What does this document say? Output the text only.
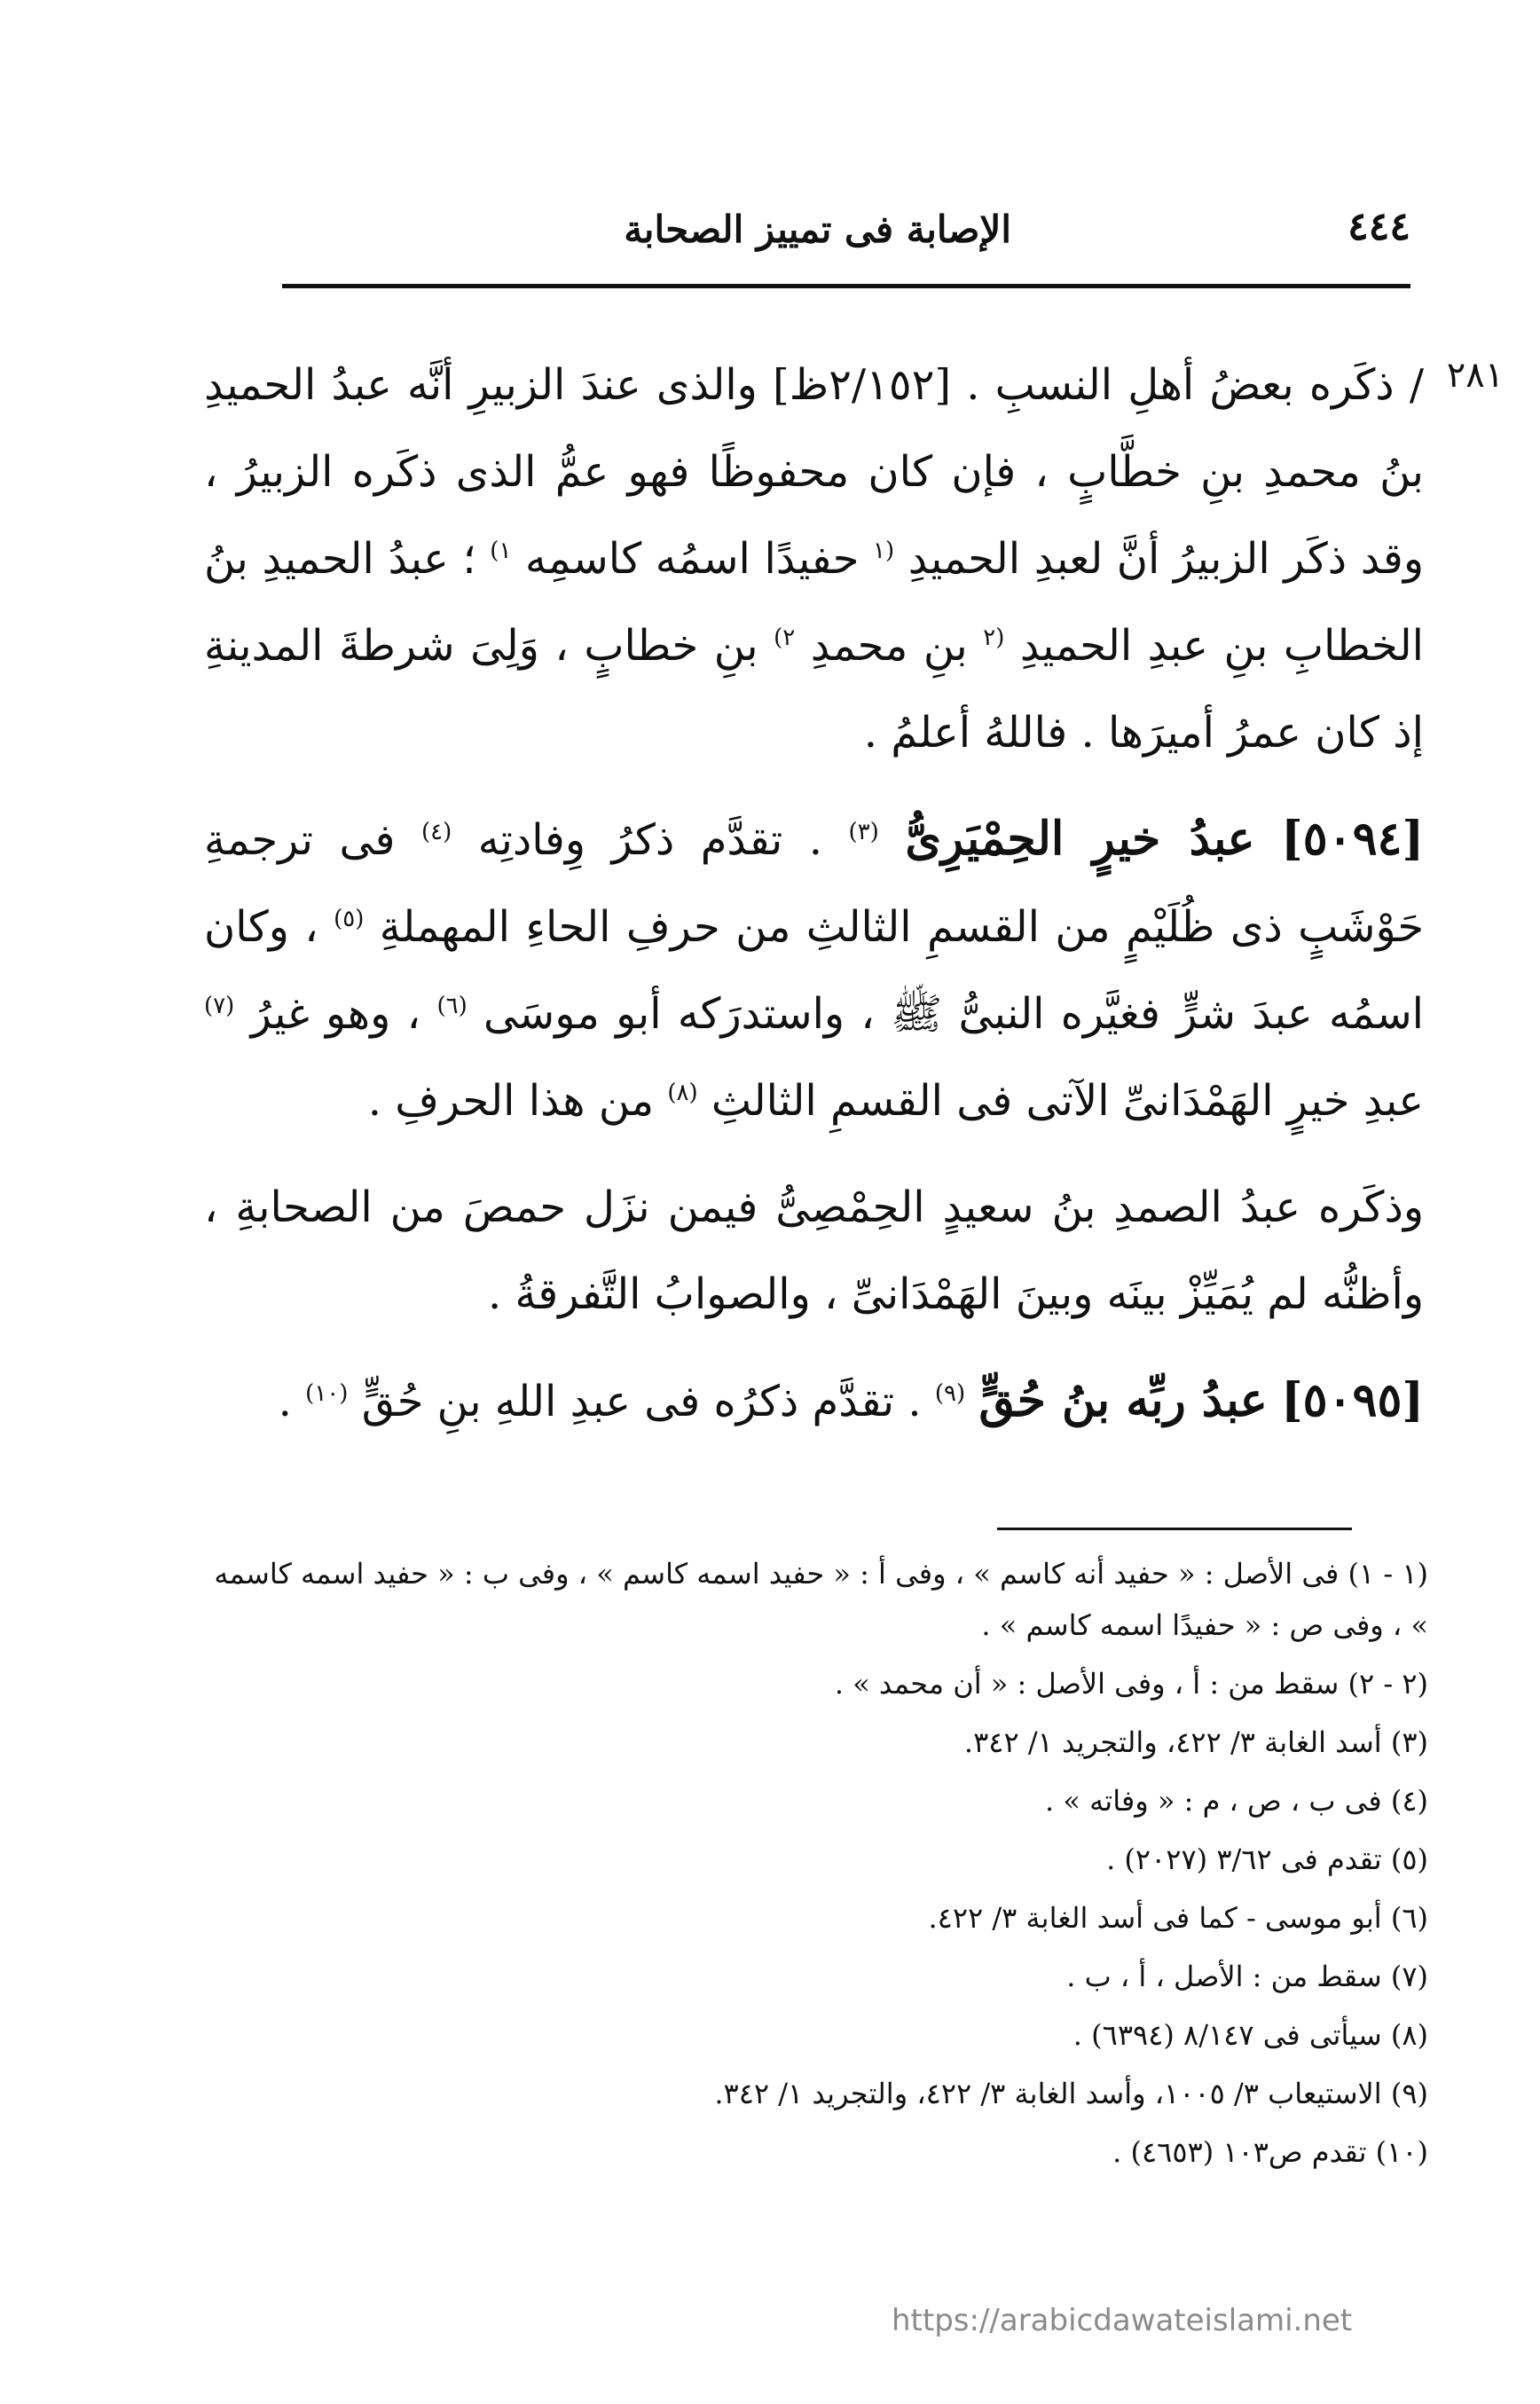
٤٤٤
الإصابة فى تمييز الصحابة
٢٨١

/ ذكَره بعضُ أهلِ النسبِ . [٢/١٥٢ظ] والذى عندَ الزبيرِ أنَّه عبدُ الحميدِ بنُ محمدِ بنِ خطَّابٍ ، فإن كان محفوظًا فهو عمُّ الذى ذكَره الزبيرُ ، وقد ذكَر الزبيرُ أنَّ لعبدِ الحميدِ $^{(١}$ حفيدًا اسمُه كاسمِه $^{١)}$ ؛ عبدُ الحميدِ بنُ الخطابِ بنِ عبدِ الحميدِ $^{(٢}$ بنِ محمدِ $^{٢)}$ بنِ خطابٍ ، وَلِىَ شرطةَ المدينةِ إذ كان عمرُ أميرَها . فاللهُ أعلمُ .

[٥٠٩٤] عبدُ خيرٍ الحِمْيَرِىُّ $^{(٣)}$ . تقدَّم ذكرُ وِفادتِه $^{(٤)}$ فى ترجمةِ حَوْشَبٍ ذى ظُلَيْمٍ من القسمِ الثالثِ من حرفِ الحاءِ المهملةِ $^{(٥)}$ ، وكان اسمُه عبدَ شرٍّ فغيَّره النبىُّ ﷺ ، واستدرَكه أبو موسَى $^{(٦)}$ ، وهو غيرُ $^{(٧)}$ عبدِ خيرٍ الهَمْدَانىِّ الآتى فى القسمِ الثالثِ $^{(٨)}$ من هذا الحرفِ .

وذكَره عبدُ الصمدِ بنُ سعيدٍ الحِمْصِىُّ فيمن نزَل حمصَ من الصحابةِ ، وأظنُّه لم يُمَيِّزْ بينَه وبينَ الهَمْدَانىِّ ، والصوابُ التَّفرقةُ .

[٥٠٩٥] عبدُ ربِّه بنُ حُقٍّ $^{(٩)}$ . تقدَّم ذكرُه فى عبدِ اللهِ بنِ حُقٍّ $^{(١٠)}$ .

(١ - ١) فى الأصل : « حفيد أنه كاسم » ، وفى أ : « حفيد اسمه كاسم » ، وفى ب : « حفيد اسمه كاسمه » ، وفى ص : « حفيدًا اسمه كاسم » .
(٢ - ٢) سقط من : أ ، وفى الأصل : « أن محمد » .
(٣) أسد الغابة ٣/ ٤٢٢، والتجريد ١/ ٣٤٢.
(٤) فى ب ، ص ، م : « وفاته » .
(٥) تقدم فى ٣/٦٢ (٢٠٢٧) .
(٦) أبو موسى - كما فى أسد الغابة ٣/ ٤٢٢.
(٧) سقط من : الأصل ، أ ، ب .
(٨) سيأتى فى ٨/١٤٧ (٦٣٩٤) .
(٩) الاستيعاب ٣/ ١٠٠٥، وأسد الغابة ٣/ ٤٢٢، والتجريد ١/ ٣٤٢.
(١٠) تقدم ص١٠٣ (٤٦٥٣) .
https://arabicdawateislami.net
